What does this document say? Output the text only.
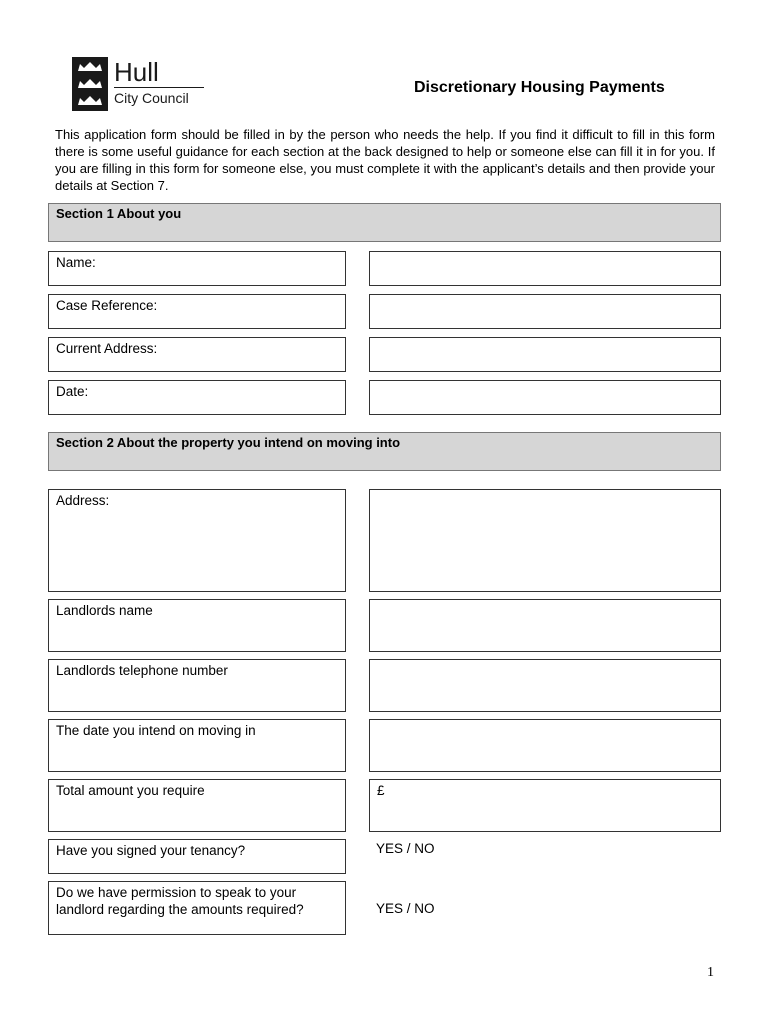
Hull
City Council
Discretionary Housing Payments
This application form should be filled in by the person who needs the help. If you find it difficult to fill in this form there is some useful guidance for each section at the back designed to help or someone else can fill it in for you. If you are filling in this form for someone else, you must complete it with the applicant’s details and then provide your details at Section 7.
Section 1 About you
Name:
Case Reference:
Current Address:
Date:
Section 2 About the property you intend on moving into
Address:
Landlords name
Landlords telephone number
The date you intend on moving in
Total amount you require	£
Have you signed your tenancy?	YES / NO
Do we have permission to speak to your landlord regarding the amounts required?	YES / NO
1
